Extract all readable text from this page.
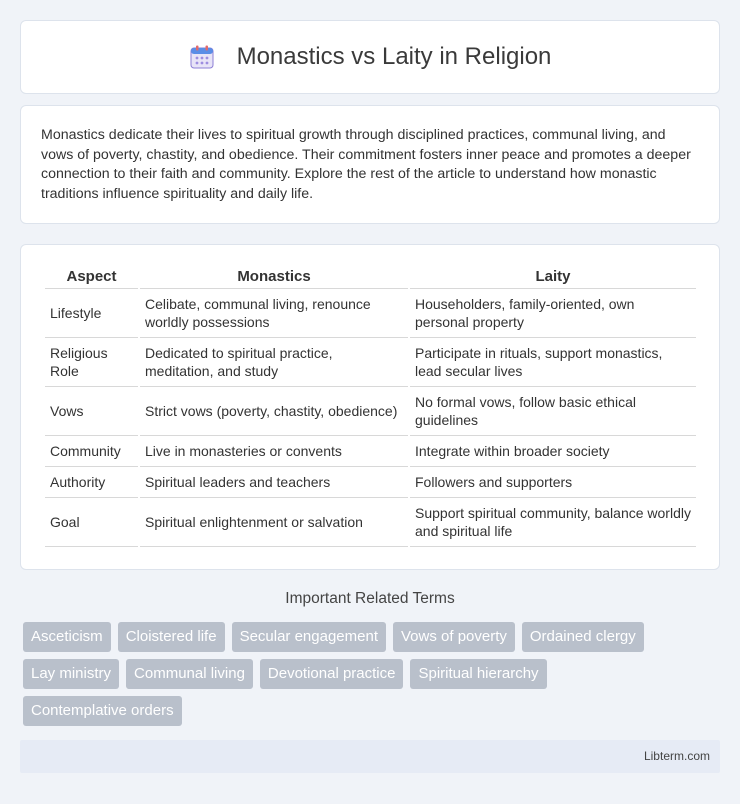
Monastics vs Laity in Religion

Monastics dedicate their lives to spiritual growth through disciplined practices, communal living, and vows of poverty, chastity, and obedience. Their commitment fosters inner peace and promotes a deeper connection to their faith and community. Explore the rest of the article to understand how monastic traditions influence spirituality and daily life.

Aspect	Monastics	Laity
Lifestyle	Celibate, communal living, renounce worldly possessions	Householders, family-oriented, own personal property
Religious Role	Dedicated to spiritual practice, meditation, and study	Participate in rituals, support monastics, lead secular lives
Vows	Strict vows (poverty, chastity, obedience)	No formal vows, follow basic ethical guidelines
Community	Live in monasteries or convents	Integrate within broader society
Authority	Spiritual leaders and teachers	Followers and supporters
Goal	Spiritual enlightenment or salvation	Support spiritual community, balance worldly and spiritual life
Important Related Terms
Asceticism	Cloistered life	Secular engagement	Vows of poverty	Ordained clergy
Lay ministry	Communal living	Devotional practice	Spiritual hierarchy
Contemplative orders
Libterm.com
